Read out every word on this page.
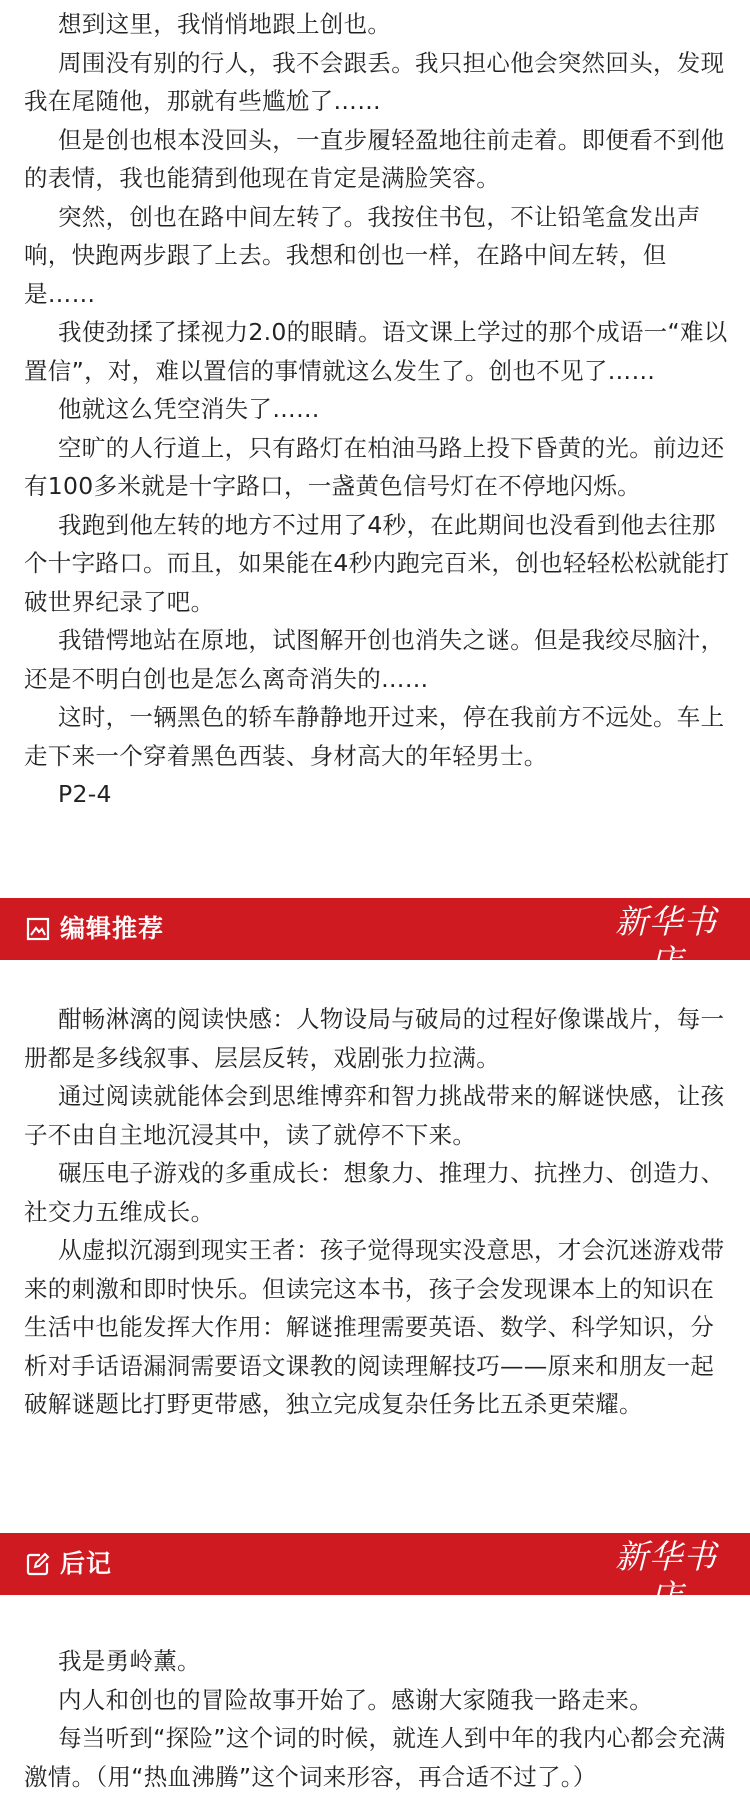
想到这里，我悄悄地跟上创也。

周围没有别的行人，我不会跟丢。我只担心他会突然回头，发现我在尾随他，那就有些尴尬了……

但是创也根本没回头，一直步履轻盈地往前走着。即便看不到他的表情，我也能猜到他现在肯定是满脸笑容。

突然，创也在路中间左转了。我按住书包，不让铅笔盒发出声响，快跑两步跟了上去。我想和创也一样，在路中间左转，但是……

我使劲揉了揉视力2.0的眼睛。语文课上学过的那个成语一“难以置信”，对，难以置信的事情就这么发生了。创也不见了……

他就这么凭空消失了……

空旷的人行道上，只有路灯在柏油马路上投下昏黄的光。前边还有100多米就是十字路口，一盏黄色信号灯在不停地闪烁。

我跑到他左转的地方不过用了4秒，在此期间也没看到他去往那个十字路口。而且，如果能在4秒内跑完百米，创也轻轻松松就能打破世界纪录了吧。

我错愕地站在原地，试图解开创也消失之谜。但是我绞尽脑汁，还是不明白创也是怎么离奇消失的……

这时，一辆黑色的轿车静静地开过来，停在我前方不远处。车上走下来一个穿着黑色西装、身材高大的年轻男士。

P2-4

编辑推荐	新华书店
XINHUA BOOKSTORE

酣畅淋漓的阅读快感：人物设局与破局的过程好像谍战片，每一册都是多线叙事、层层反转，戏剧张力拉满。

通过阅读就能体会到思维博弈和智力挑战带来的解谜快感，让孩子不由自主地沉浸其中，读了就停不下来。

碾压电子游戏的多重成长：想象力、推理力、抗挫力、创造力、社交力五维成长。

从虚拟沉溺到现实王者：孩子觉得现实没意思，才会沉迷游戏带来的刺激和即时快乐。但读完这本书，孩子会发现课本上的知识在生活中也能发挥大作用：解谜推理需要英语、数学、科学知识，分析对手话语漏洞需要语文课教的阅读理解技巧——原来和朋友一起破解谜题比打野更带感，独立完成复杂任务比五杀更荣耀。

后记	新华书店
XINHUA BOOKSTORE

我是勇岭薰。

内人和创也的冒险故事开始了。感谢大家随我一路走来。

每当听到“探险”这个词的时候，就连人到中年的我内心都会充满激情。（用“热血沸腾”这个词来形容，再合适不过了。）
